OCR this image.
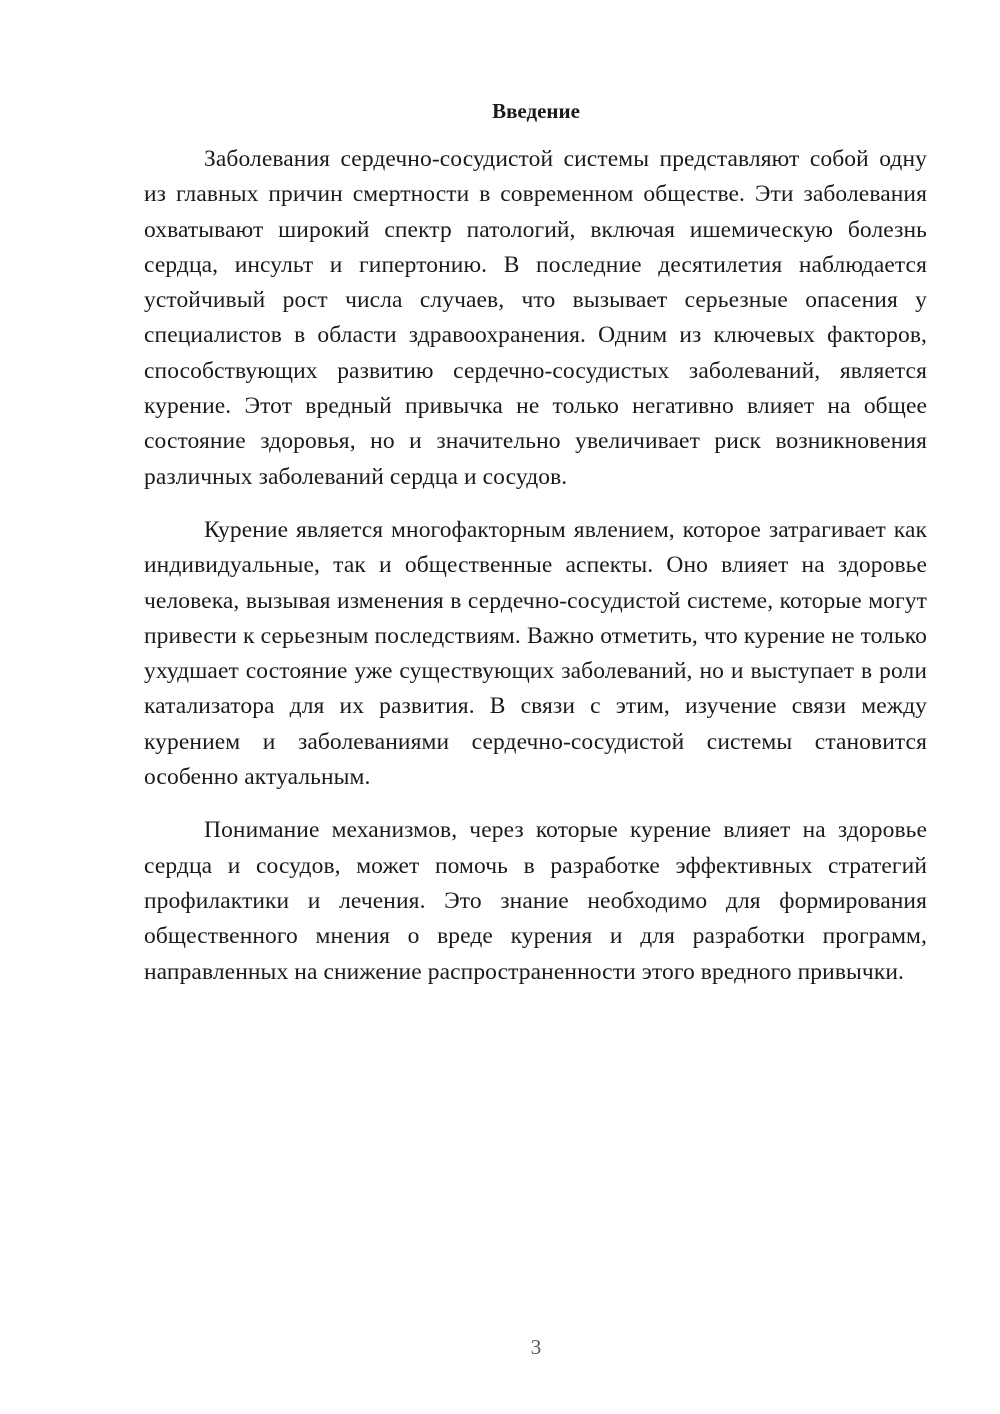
Введение

Заболевания сердечно-сосудистой системы представляют собой одну из главных причин смертности в современном обществе. Эти заболевания охватывают широкий спектр патологий, включая ишемическую болезнь сердца, инсульт и гипертонию. В последние десятилетия наблюдается устойчивый рост числа случаев, что вызывает серьезные опасения у специалистов в области здравоохранения. Одним из ключевых факторов, способствующих развитию сердечно-сосудистых заболеваний, является курение. Этот вредный привычка не только негативно влияет на общее состояние здоровья, но и значительно увеличивает риск возникновения различных заболеваний сердца и сосудов.

Курение является многофакторным явлением, которое затрагивает как индивидуальные, так и общественные аспекты. Оно влияет на здоровье человека, вызывая изменения в сердечно-сосудистой системе, которые могут привести к серьезным последствиям. Важно отметить, что курение не только ухудшает состояние уже существующих заболеваний, но и выступает в роли катализатора для их развития. В связи с этим, изучение связи между курением и заболеваниями сердечно-сосудистой системы становится особенно актуальным.

Понимание механизмов, через которые курение влияет на здоровье сердца и сосудов, может помочь в разработке эффективных стратегий профилактики и лечения. Это знание необходимо для формирования общественного мнения о вреде курения и для разработки программ, направленных на снижение распространенности этого вредного привычки.

3
